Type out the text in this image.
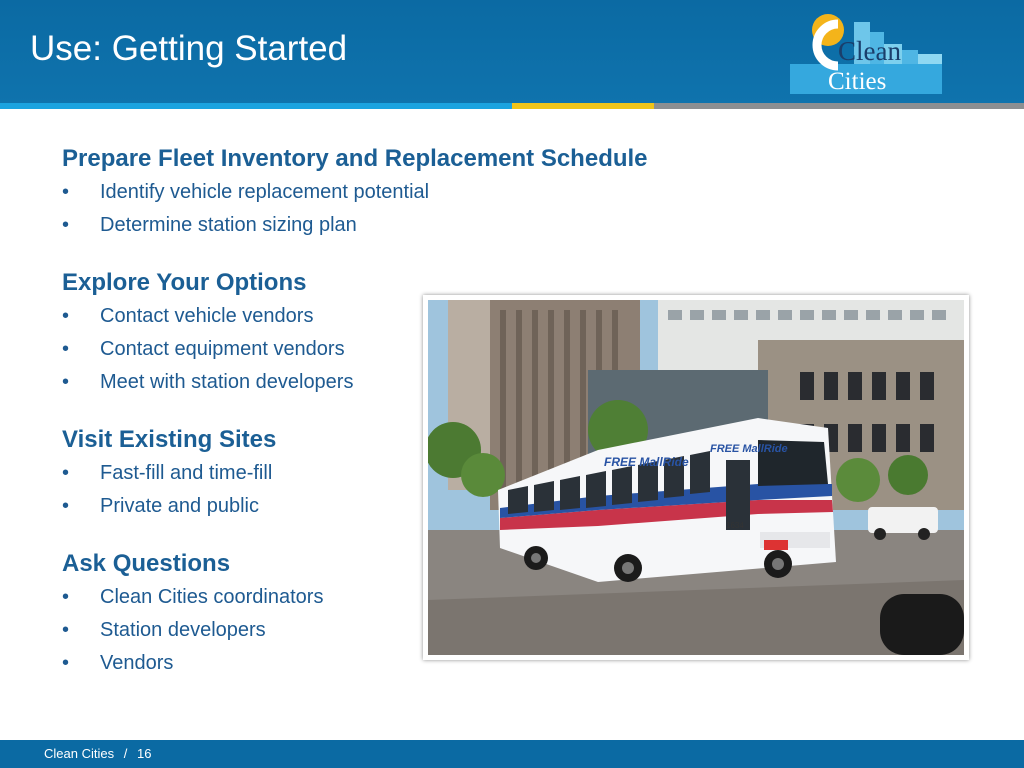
Use: Getting Started	Clean
Cities
Prepare Fleet Inventory and Replacement Schedule
• Identify vehicle replacement potential
• Determine station sizing plan
Explore Your Options
• Contact vehicle vendors
• Contact equipment vendors
• Meet with station developers
Visit Existing Sites
• Fast-fill and time-fill
• Private and public
Ask Questions
• Clean Cities coordinators
• Station developers
• Vendors
FREE MallRide
FREE MallRide
1634
Clean Cities / 16
